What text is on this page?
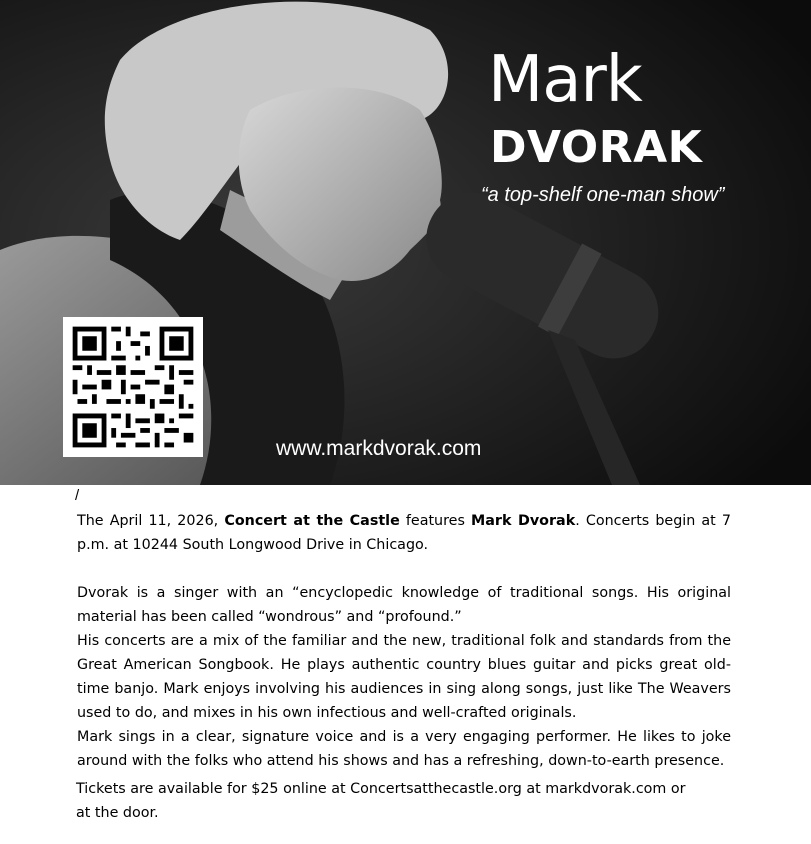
Mark
DVORAK
“a top-shelf one-man show”
www.markdvorak.com
/

The April 11, 2026, Concert at the Castle features Mark Dvorak. Concerts begin at 7 p.m. at 10244 South Longwood Drive in Chicago.

Dvorak is a singer with an “encyclopedic knowledge of traditional songs. His original material has been called “wondrous” and “profound.”

His concerts are a mix of the familiar and the new, traditional folk and standards from the Great American Songbook. He plays authentic country blues guitar and picks great old-time banjo. Mark enjoys involving his audiences in sing along songs, just like The Weavers used to do, and mixes in his own infectious and well-crafted originals.

Mark sings in a clear, signature voice and is a very engaging performer. He likes to joke around with the folks who attend his shows and has a refreshing, down-to-earth presence.

Tickets are available for $25 online at Concertsatthecastle.org at markdvorak.com or at the door.
